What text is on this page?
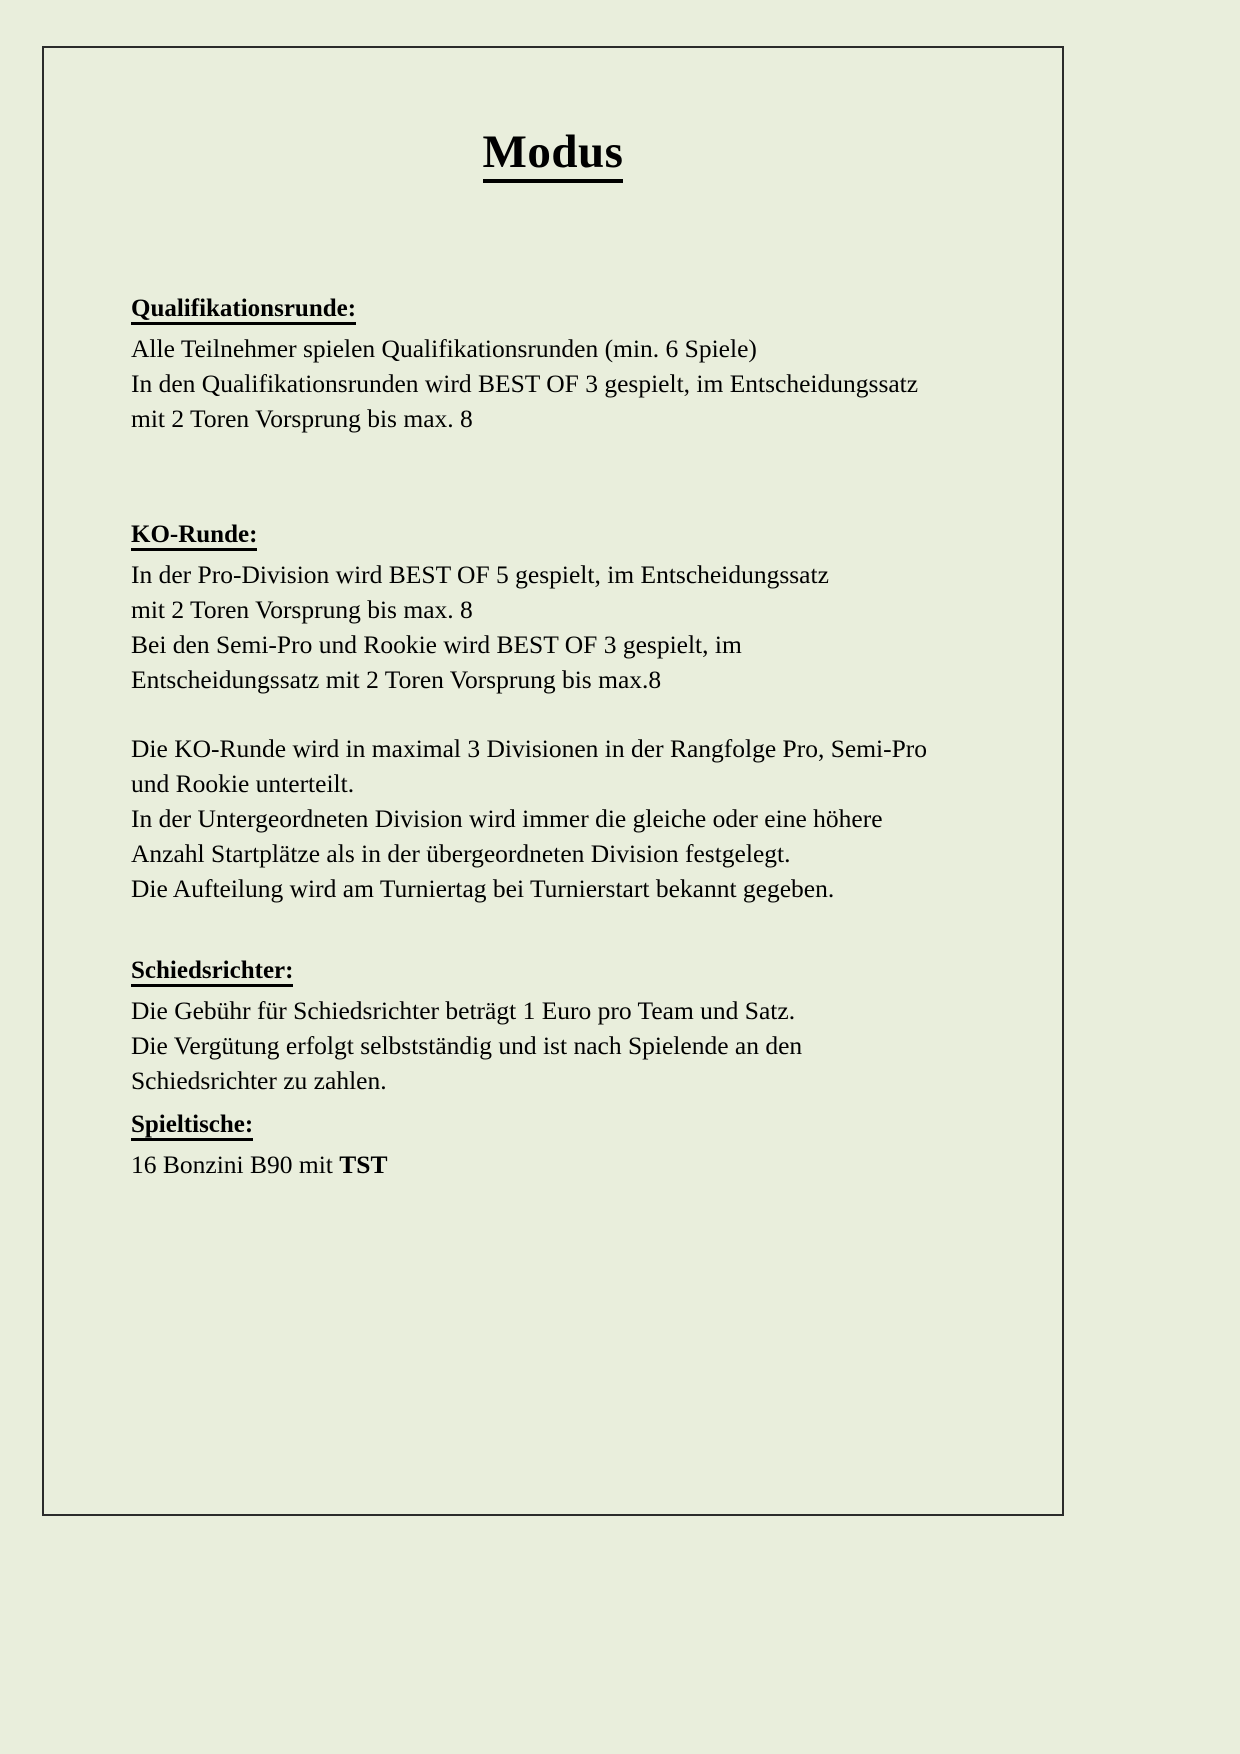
Modus
Qualifikationsrunde:

Alle Teilnehmer spielen Qualifikationsrunden (min. 6 Spiele)

In den Qualifikationsrunden wird BEST OF 3 gespielt, im Entscheidungssatz

mit 2 Toren Vorsprung bis max. 8

KO-Runde:

In der Pro-Division wird BEST OF 5 gespielt, im Entscheidungssatz

mit 2 Toren Vorsprung bis max. 8

Bei den Semi-Pro und Rookie wird BEST OF 3 gespielt, im

Entscheidungssatz mit 2 Toren Vorsprung bis max.8

Die KO-Runde wird in maximal 3 Divisionen in der Rangfolge Pro, Semi-Pro

und Rookie unterteilt.

In der Untergeordneten Division wird immer die gleiche oder eine höhere

Anzahl Startplätze als in der übergeordneten Division festgelegt.

Die Aufteilung wird am Turniertag bei Turnierstart bekannt gegeben.

Schiedsrichter:

Die Gebühr für Schiedsrichter beträgt 1 Euro pro Team und Satz.

Die Vergütung erfolgt selbstständig und ist nach Spielende an den

Schiedsrichter zu zahlen.

Spieltische:

16 Bonzini B90 mit TST
